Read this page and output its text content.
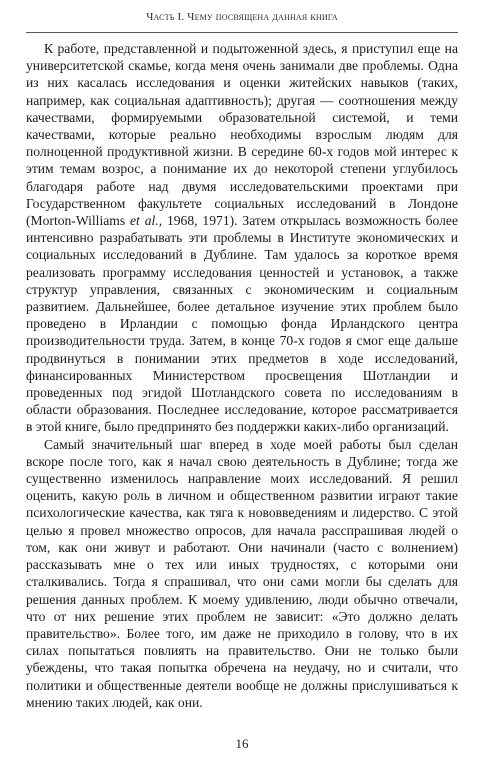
Часть I. Чему посвящена данная книга

К работе, представленной и подытоженной здесь, я приступил еще на университетской скамье, когда меня очень занимали две проблемы. Одна из них касалась исследования и оценки житейских навыков (таких, например, как социальная адаптивность); другая — соотношения между качествами, формируемыми образовательной системой, и теми качествами, которые реально необходимы взрослым людям для полноценной продуктивной жизни. В середине 60-х годов мой интерес к этим темам возрос, а понимание их до некоторой степени углубилось благодаря работе над двумя исследовательскими проектами при Государственном факультете социальных исследований в Лондоне (Morton-Williams et al., 1968, 1971). Затем открылась возможность более интенсивно разрабатывать эти проблемы в Институте экономических и социальных исследований в Дублине. Там удалось за короткое время реализовать программу исследования ценностей и установок, а также структур управления, связанных с экономическим и социальным развитием. Дальнейшее, более детальное изучение этих проблем было проведено в Ирландии с помощью фонда Ирландского центра производительности труда. Затем, в конце 70-х годов я смог еще дальше продвинуться в понимании этих предметов в ходе исследований, финансированных Министерством просвещения Шотландии и проведенных под эгидой Шотландского совета по исследованиям в области образования. Последнее исследование, которое рассматривается в этой книге, было предпринято без поддержки каких-либо организаций.

Самый значительный шаг вперед в ходе моей работы был сделан вскоре после того, как я начал свою деятельность в Дублине; тогда же существенно изменилось направление моих исследований. Я решил оценить, какую роль в личном и общественном развитии играют такие психологические качества, как тяга к нововведениям и лидерство. С этой целью я провел множество опросов, для начала расспрашивая людей о том, как они живут и работают. Они начинали (часто с волнением) рассказывать мне о тех или иных трудностях, с которыми они сталкивались. Тогда я спрашивал, что они сами могли бы сделать для решения данных проблем. К моему удивлению, люди обычно отвечали, что от них решение этих проблем не зависит: «Это должно делать правительство». Более того, им даже не приходило в голову, что в их силах попытаться повлиять на правительство. Они не только были убеждены, что такая попытка обречена на неудачу, но и считали, что политики и общественные деятели вообще не должны прислушиваться к мнению таких людей, как они.

16
